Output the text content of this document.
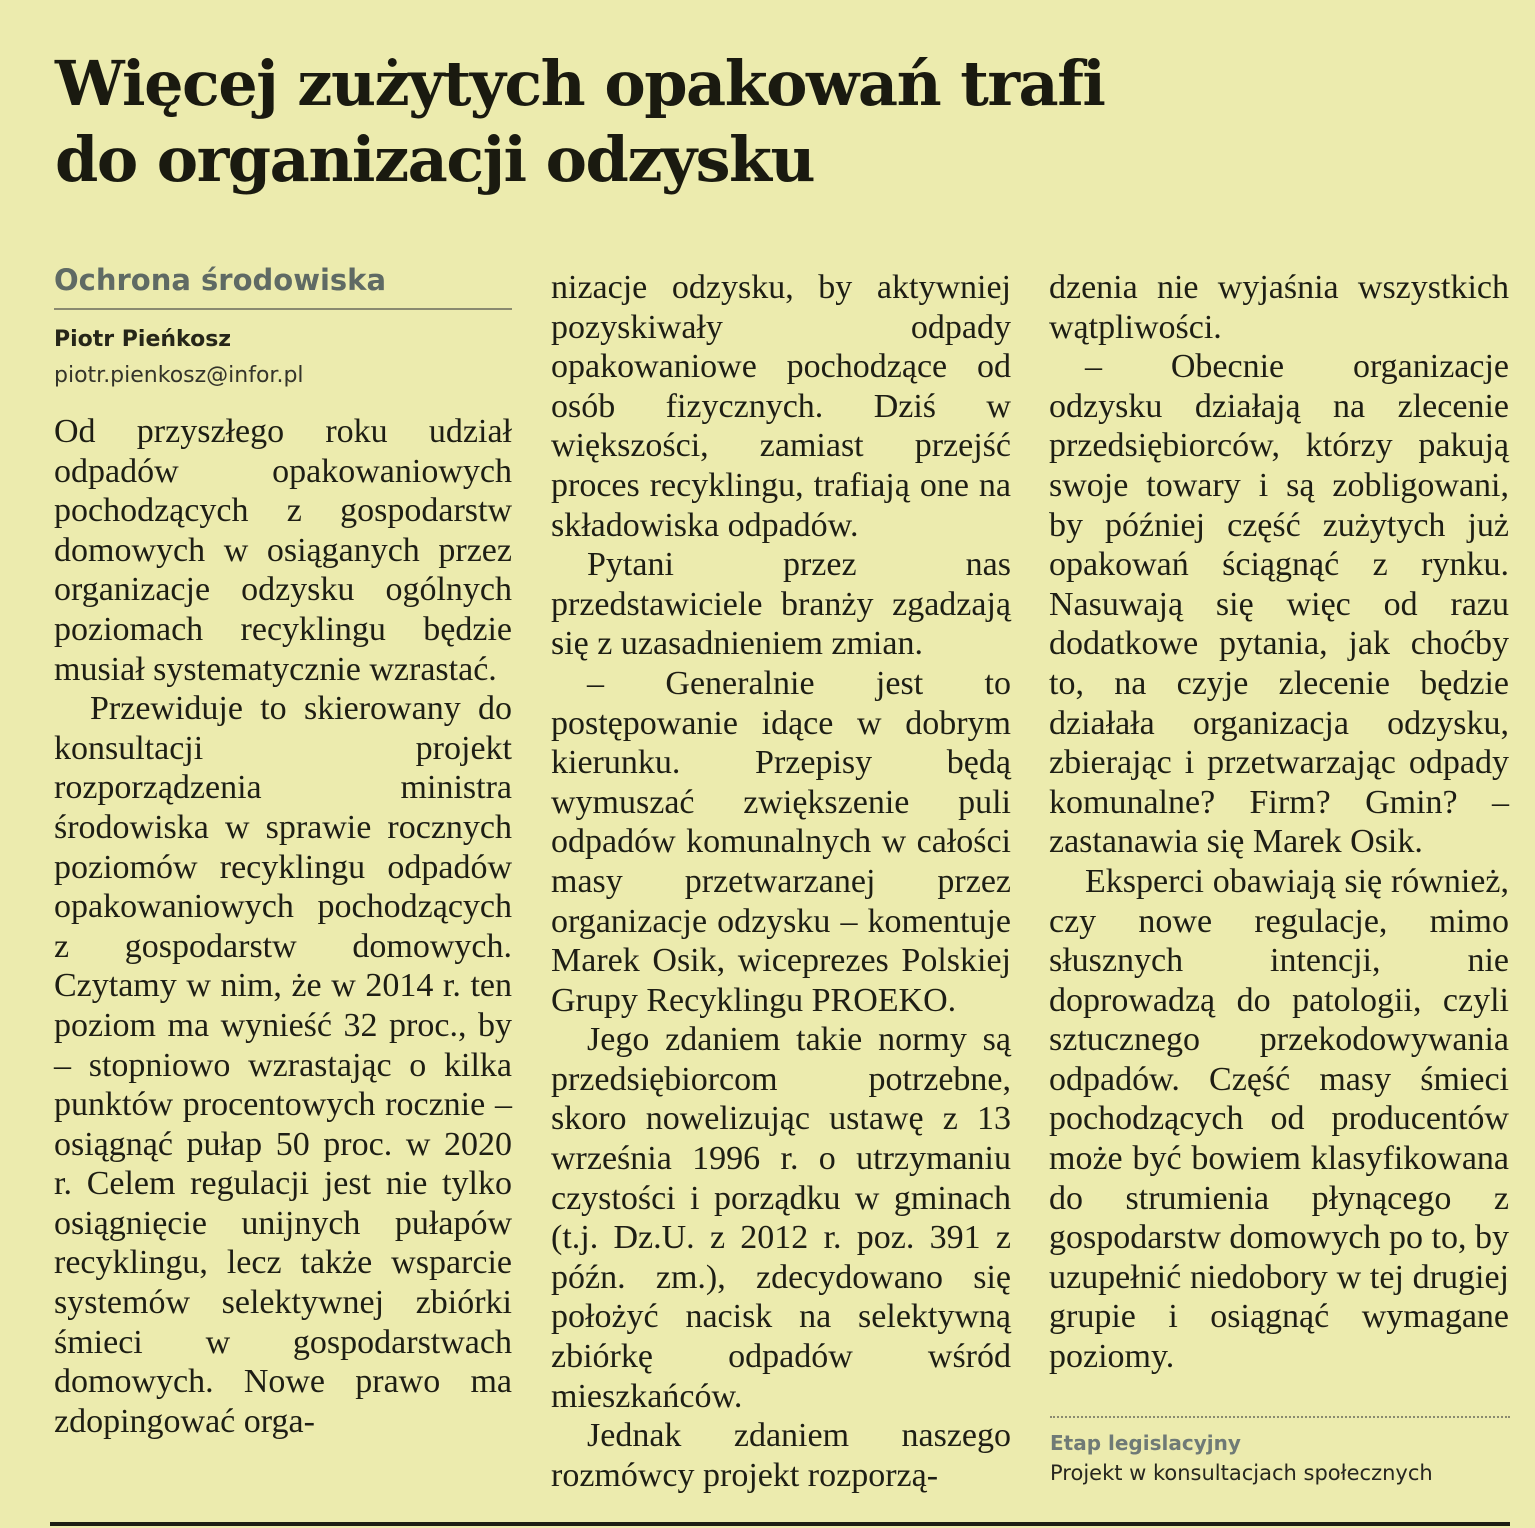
Więcej zużytych opakowań trafi
do organizacji odzysku
Ochrona środowiska
Piotr Pieńkosz
piotr.pienkosz@infor.pl

Od przyszłego roku udział odpadów opakowaniowych pochodzących z gospodarstw domowych w osiąganych przez organizacje odzysku ogólnych poziomach recyklingu będzie musiał systematycznie wzrastać.

Przewiduje to skierowany do konsultacji projekt rozporządzenia ministra środowiska w sprawie rocznych poziomów recyklingu odpadów opakowaniowych pochodzących z gospodarstw domowych. Czytamy w nim, że w 2014 r. ten poziom ma wynieść 32 proc., by – stopniowo wzrastając o kilka punktów procentowych rocznie – osiągnąć pułap 50 proc. w 2020 r. Celem regulacji jest nie tylko osiągnięcie unijnych pułapów recyklingu, lecz także wsparcie systemów selektywnej zbiórki śmieci w gospodarstwach domowych. Nowe prawo ma zdopingować orga-

nizacje odzysku, by aktywniej pozyskiwały odpady opakowaniowe pochodzące od osób fizycznych. Dziś w większości, zamiast przejść proces recyklingu, trafiają one na składowiska odpadów.

Pytani przez nas przedstawiciele branży zgadzają się z uzasadnieniem zmian.

– Generalnie jest to postępowanie idące w dobrym kierunku. Przepisy będą wymuszać zwiększenie puli odpadów komunalnych w całości masy przetwarzanej przez organizacje odzysku – komentuje Marek Osik, wiceprezes Polskiej Grupy Recyklingu PROEKO.

Jego zdaniem takie normy są przedsiębiorcom potrzebne, skoro nowelizując ustawę z 13 września 1996 r. o utrzymaniu czystości i porządku w gminach (t.j. Dz.U. z 2012 r. poz. 391 z późn. zm.), zdecydowano się położyć nacisk na selektywną zbiórkę odpadów wśród mieszkańców.

Jednak zdaniem naszego rozmówcy projekt rozporzą-

dzenia nie wyjaśnia wszystkich wątpliwości.

– Obecnie organizacje odzysku działają na zlecenie przedsiębiorców, którzy pakują swoje towary i są zobligowani, by później część zużytych już opakowań ściągnąć z rynku. Nasuwają się więc od razu dodatkowe pytania, jak choćby to, na czyje zlecenie będzie działała organizacja odzysku, zbierając i przetwarzając odpady komunalne? Firm? Gmin? – zastanawia się Marek Osik.

Eksperci obawiają się również, czy nowe regulacje, mimo słusznych intencji, nie doprowadzą do patologii, czyli sztucznego przekodowywania odpadów. Część masy śmieci pochodzących od producentów może być bowiem klasyfikowana do strumienia płynącego z gospodarstw domowych po to, by uzupełnić niedobory w tej drugiej grupie i osiągnąć wymagane poziomy.

Etap legislacyjny
Projekt w konsultacjach społecznych
